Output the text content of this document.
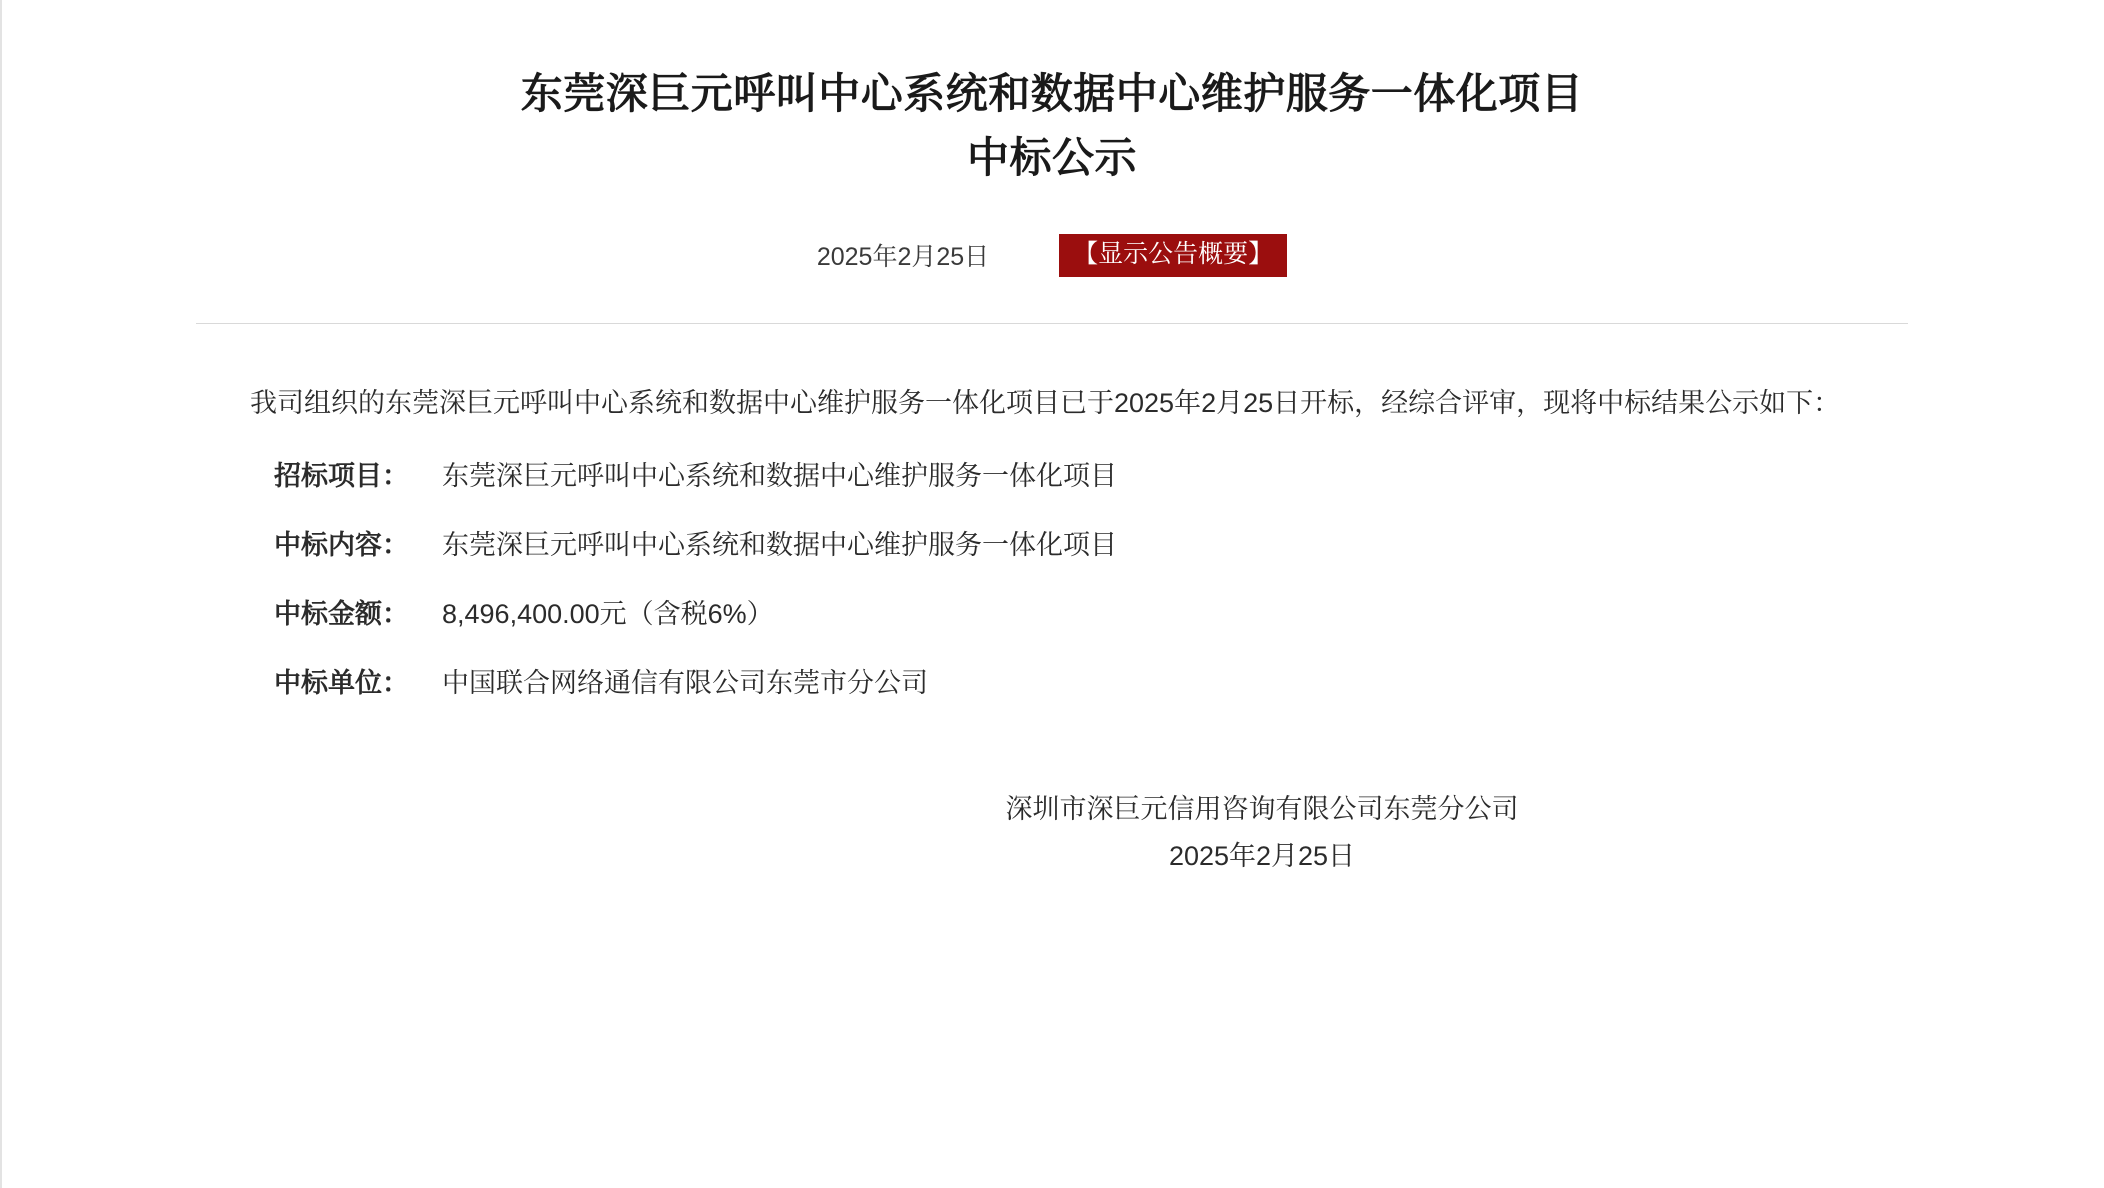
东莞深巨元呼叫中心系统和数据中心维护服务一体化项目
中标公示
2025年2月25日	【显示公告概要】

我司组织的东莞深巨元呼叫中心系统和数据中心维护服务一体化项目已于2025年2月25日开标，经综合评审，现将中标结果公示如下：

招标项目：	东莞深巨元呼叫中心系统和数据中心维护服务一体化项目
中标内容：	东莞深巨元呼叫中心系统和数据中心维护服务一体化项目
中标金额：	8,496,400.00元（含税6%）
中标单位：	中国联合网络通信有限公司东莞市分公司
深圳市深巨元信用咨询有限公司东莞分公司
2025年2月25日
